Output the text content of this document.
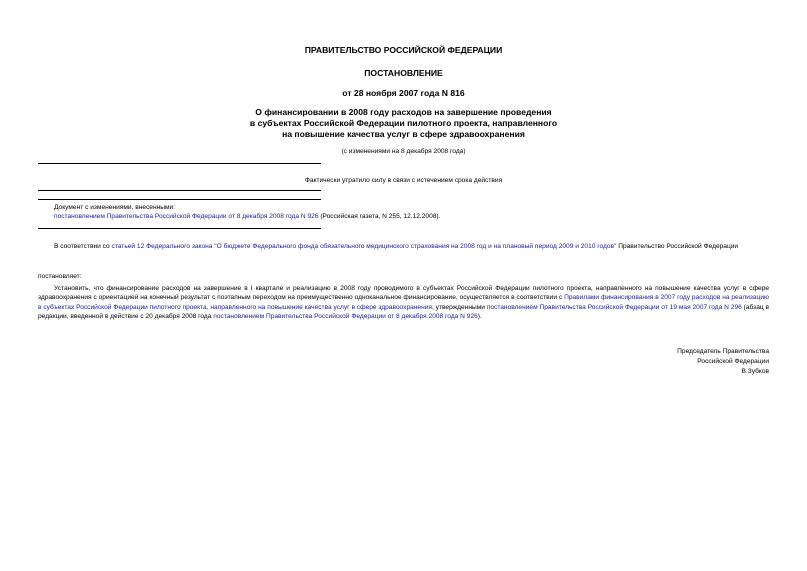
ПРАВИТЕЛЬСТВО РОССИЙСКОЙ ФЕДЕРАЦИИ
ПОСТАНОВЛЕНИЕ
от 28 ноября 2007 года N 816
О финансировании в 2008 году расходов на завершение проведения
в субъектах Российской Федерации пилотного проекта, направленного
на повышение качества услуг в сфере здравоохранения
(с изменениями на 8 декабря 2008 года)
Фактически утратило силу в связи с истечением срока действия
Документ с изменениями, внесенными:
постановлением Правительства Российской Федерации от 8 декабря 2008 года N 926 (Российская газета, N 255, 12.12.2008).
В соответствии со статьей 12 Федерального закона "О бюджете Федерального фонда обязательного медицинского страхования на 2008 год и на плановый период 2009 и 2010 годов" Правительство Российской Федерации
постановляет:
Установить, что финансирование расходов на завершение в I квартале и реализацию в 2008 году проводимого в субъектах Российской Федерации пилотного проекта, направленного на повышение качества услуг в сфере здравоохранения с ориентацией на конечный результат с поэтапным переходом на преимущественно одноканальное финансирование, осуществляется в соответствии с Правилами финансирования в 2007 году расходов на реализацию в субъектах Российской Федерации пилотного проекта, направленного на повышение качества услуг в сфере здравоохранения, утвержденными постановлением Правительства Российской Федерации от 19 мая 2007 года N 296 (абзац в редакции, введенной в действие с 20 декабря 2008 года постановлением Правительства Российской Федерации от 8 декабря 2008 года N 926).
Председатель Правительства
Российской Федерации
В.Зубков
